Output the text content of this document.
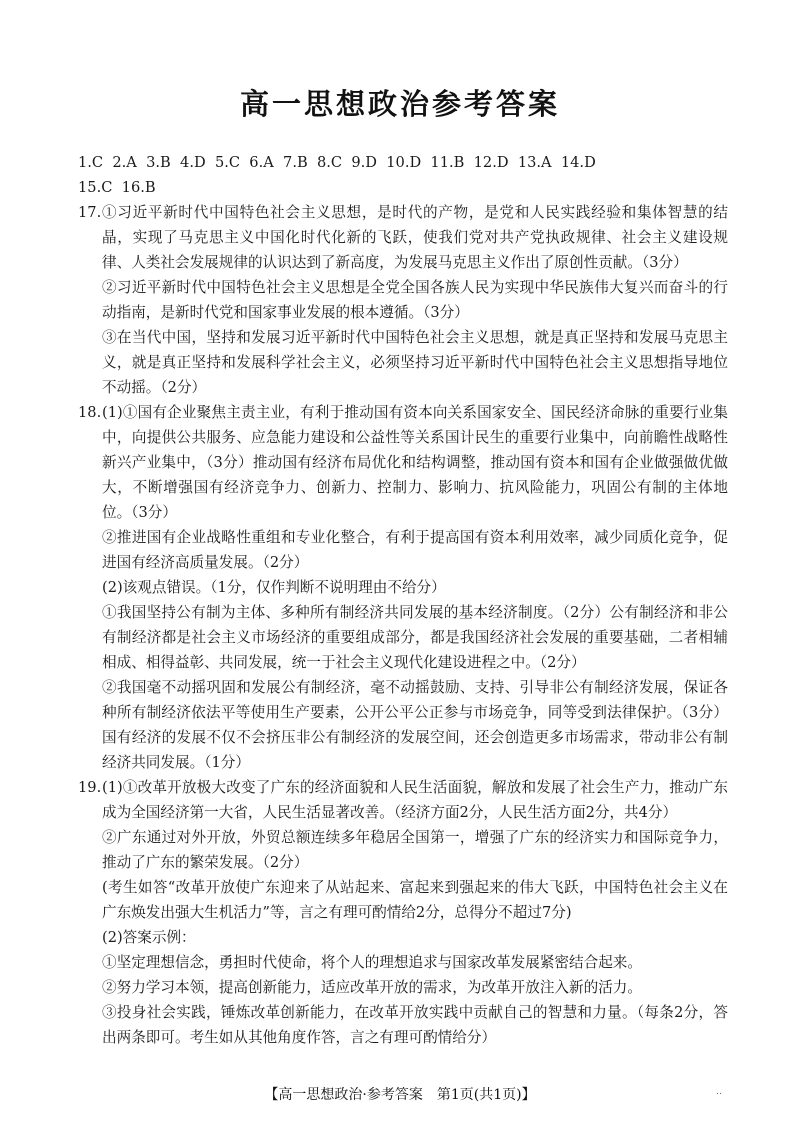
高一思想政治参考答案

1.C  2.A  3.B  4.D  5.C  6.A  7.B  8.C  9.D  10.D  11.B  12.D  13.A  14.D

15.C  16.B

17. ①习近平新时代中国特色社会主义思想，是时代的产物，是党和人民实践经验和集体智慧的结晶，实现了马克思主义中国化时代化新的飞跃，使我们党对共产党执政规律、社会主义建设规律、人类社会发展规律的认识达到了新高度，为发展马克思主义作出了原创性贡献。（3分）

②习近平新时代中国特色社会主义思想是全党全国各族人民为实现中华民族伟大复兴而奋斗的行动指南，是新时代党和国家事业发展的根本遵循。（3分）

③在当代中国，坚持和发展习近平新时代中国特色社会主义思想，就是真正坚持和发展马克思主义，就是真正坚持和发展科学社会主义，必须坚持习近平新时代中国特色社会主义思想指导地位不动摇。（2分）

18. (1)①国有企业聚焦主责主业，有利于推动国有资本向关系国家安全、国民经济命脉的重要行业集中，向提供公共服务、应急能力建设和公益性等关系国计民生的重要行业集中，向前瞻性战略性新兴产业集中，（3分）推动国有经济布局优化和结构调整，推动国有资本和国有企业做强做优做大，不断增强国有经济竞争力、创新力、控制力、影响力、抗风险能力，巩固公有制的主体地位。（3分）

②推进国有企业战略性重组和专业化整合，有利于提高国有资本利用效率，减少同质化竞争，促进国有经济高质量发展。（2分）

(2)该观点错误。（1分，仅作判断不说明理由不给分）

①我国坚持公有制为主体、多种所有制经济共同发展的基本经济制度。（2分）公有制经济和非公有制经济都是社会主义市场经济的重要组成部分，都是我国经济社会发展的重要基础，二者相辅相成、相得益彰、共同发展，统一于社会主义现代化建设进程之中。（2分）

②我国毫不动摇巩固和发展公有制经济，毫不动摇鼓励、支持、引导非公有制经济发展，保证各种所有制经济依法平等使用生产要素，公开公平公正参与市场竞争，同等受到法律保护。（3分）国有经济的发展不仅不会挤压非公有制经济的发展空间，还会创造更多市场需求，带动非公有制经济共同发展。（1分）

19. (1)①改革开放极大改变了广东的经济面貌和人民生活面貌，解放和发展了社会生产力，推动广东成为全国经济第一大省，人民生活显著改善。（经济方面2分，人民生活方面2分，共4分）

②广东通过对外开放，外贸总额连续多年稳居全国第一，增强了广东的经济实力和国际竞争力，推动了广东的繁荣发展。（2分）

(考生如答“改革开放使广东迎来了从站起来、富起来到强起来的伟大飞跃，中国特色社会主义在广东焕发出强大生机活力”等，言之有理可酌情给2分，总得分不超过7分)

(2)答案示例：

①坚定理想信念，勇担时代使命，将个人的理想追求与国家改革发展紧密结合起来。

②努力学习本领，提高创新能力，适应改革开放的需求，为改革开放注入新的活力。

③投身社会实践，锤炼改革创新能力，在改革开放实践中贡献自己的智慧和力量。（每条2分，答出两条即可。考生如从其他角度作答，言之有理可酌情给分）

【高一思想政治·参考答案　第1页(共1页)】	‥
